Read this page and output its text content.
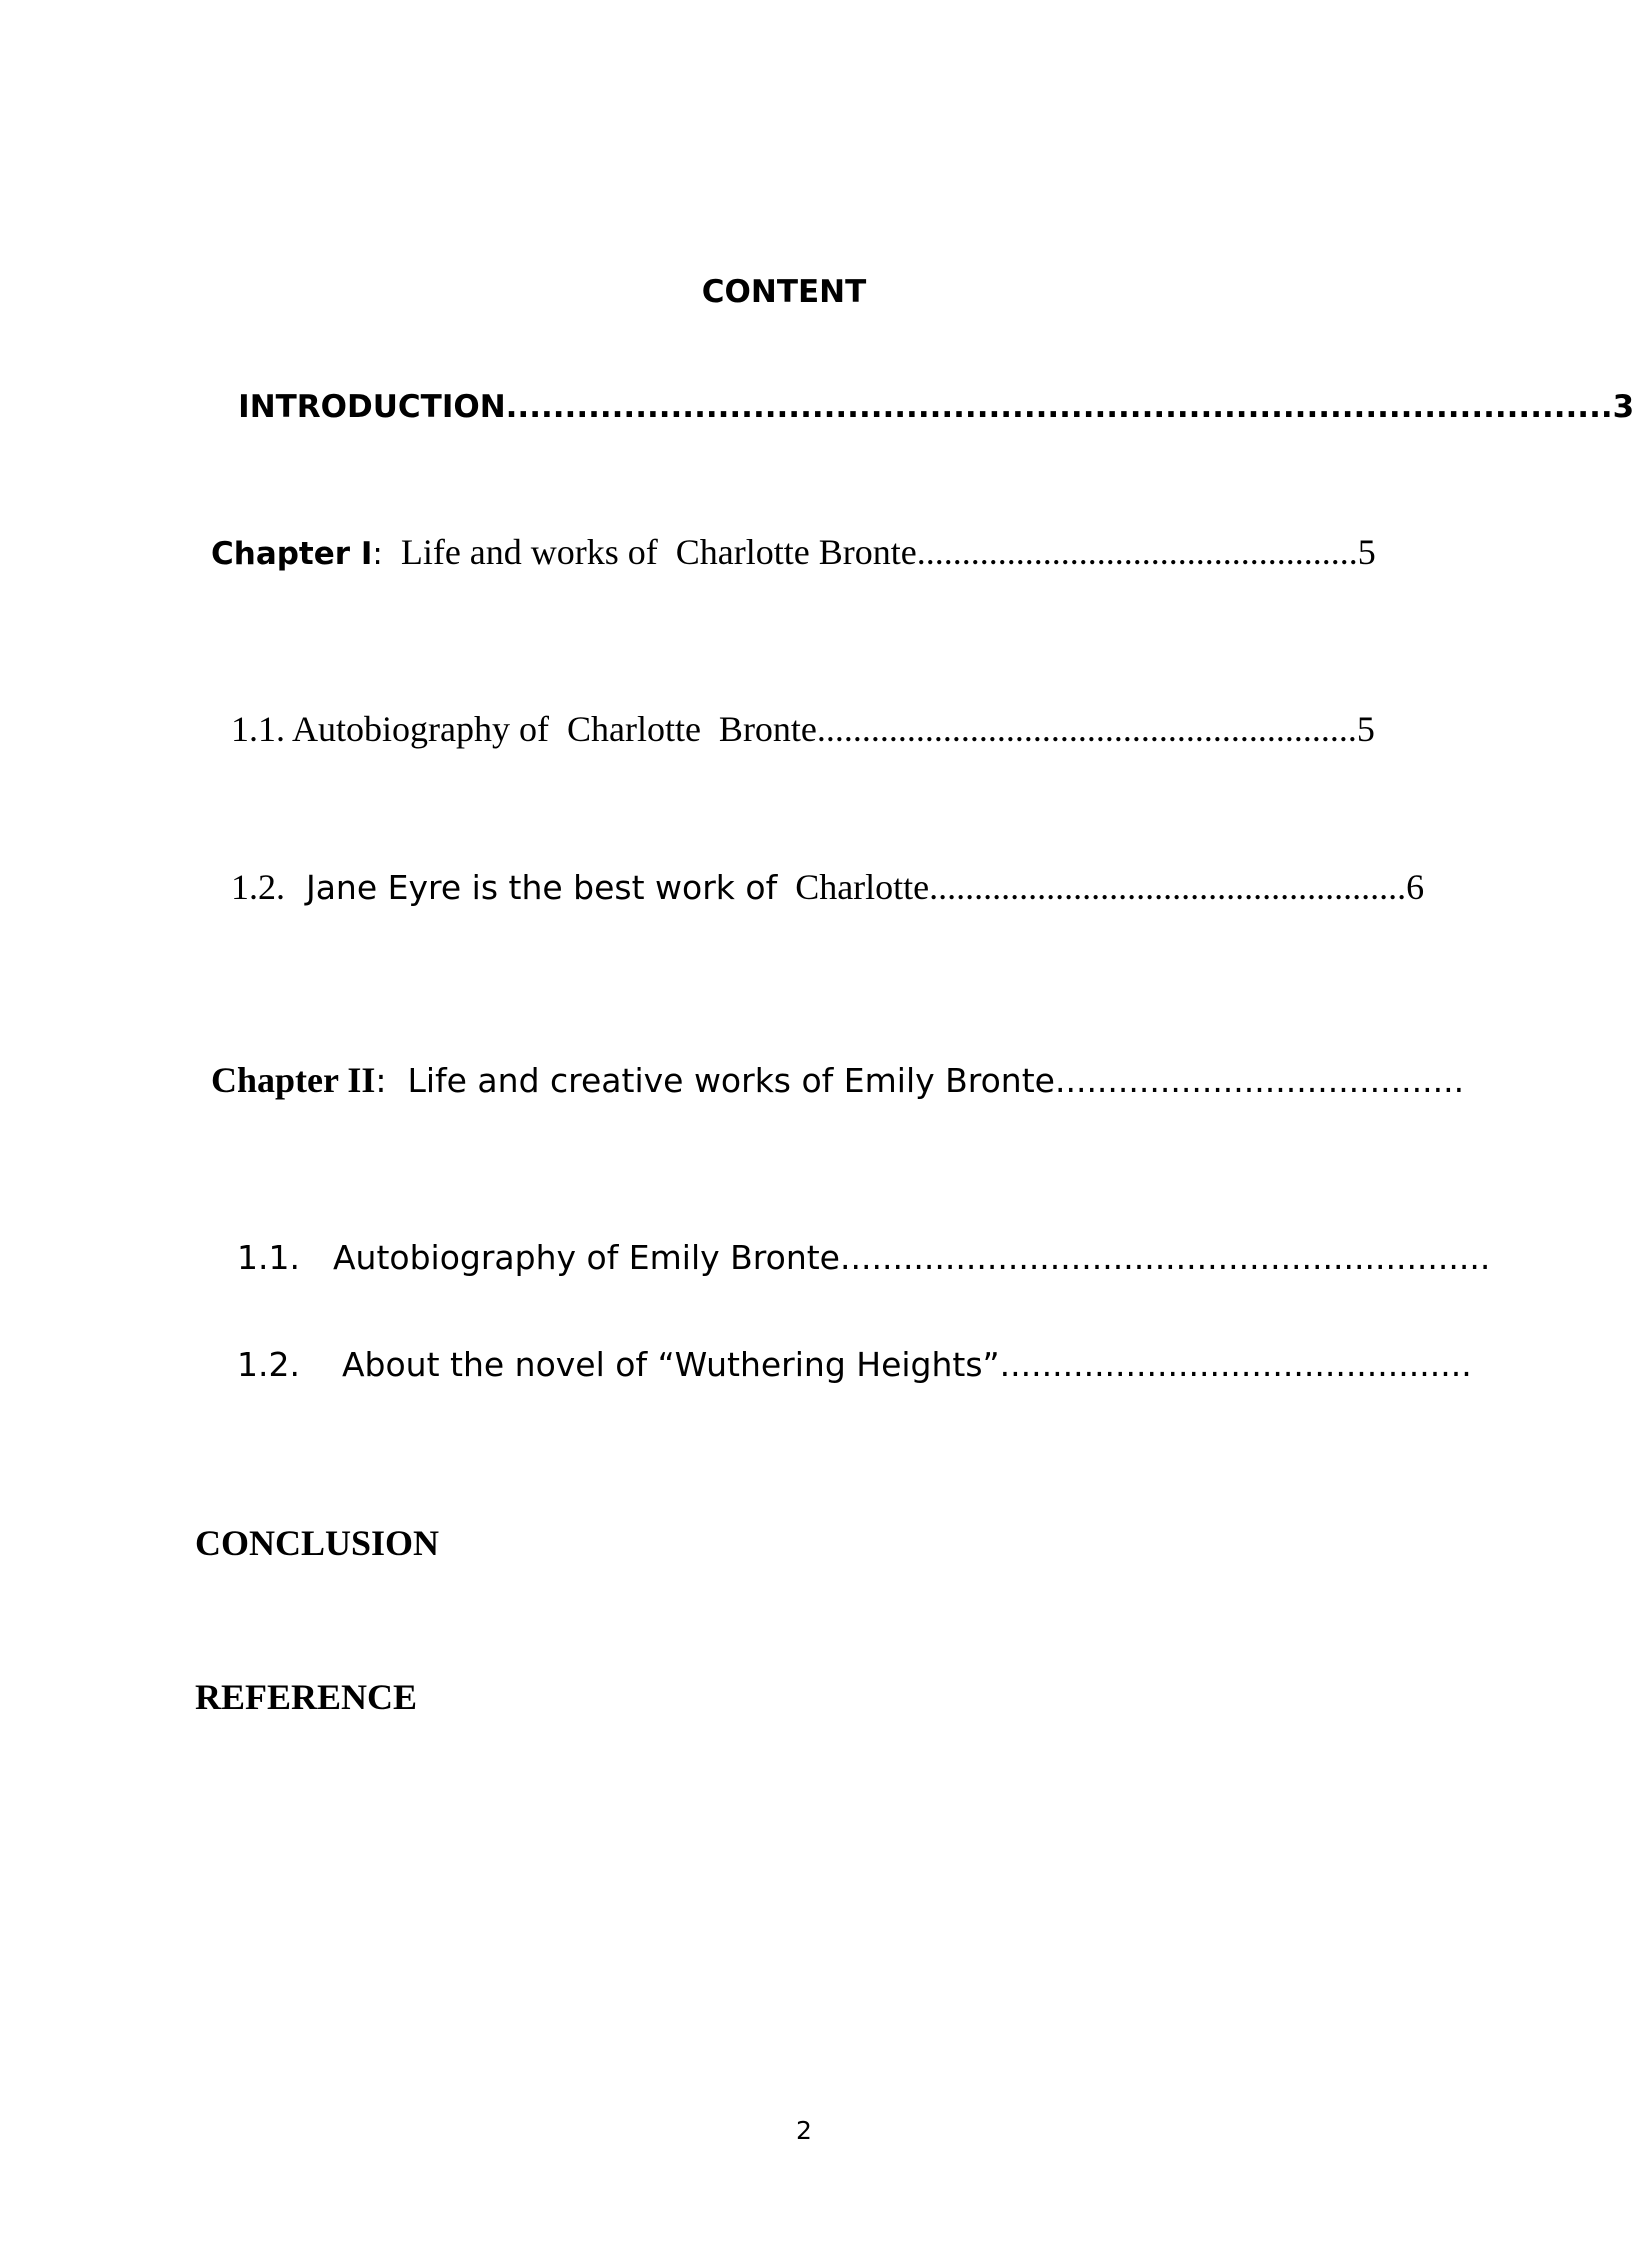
CONTENT

INTRODUCTION..............................................................................................3

Chapter I:  Life and works of  Charlotte Bronte.................................................5

1.1. Autobiography of  Charlotte  Bronte............................................................5

1.2.  Jane Eyre is the best work of  Charlotte.....................................................6

Chapter II:  Life and creative works of Emily Bronte.......................................

1.1. Autobiography of Emily Bronte..............................................................

1.2. About the novel of “Wuthering Heights”.............................................

CONCLUSION
REFERENCE
2
